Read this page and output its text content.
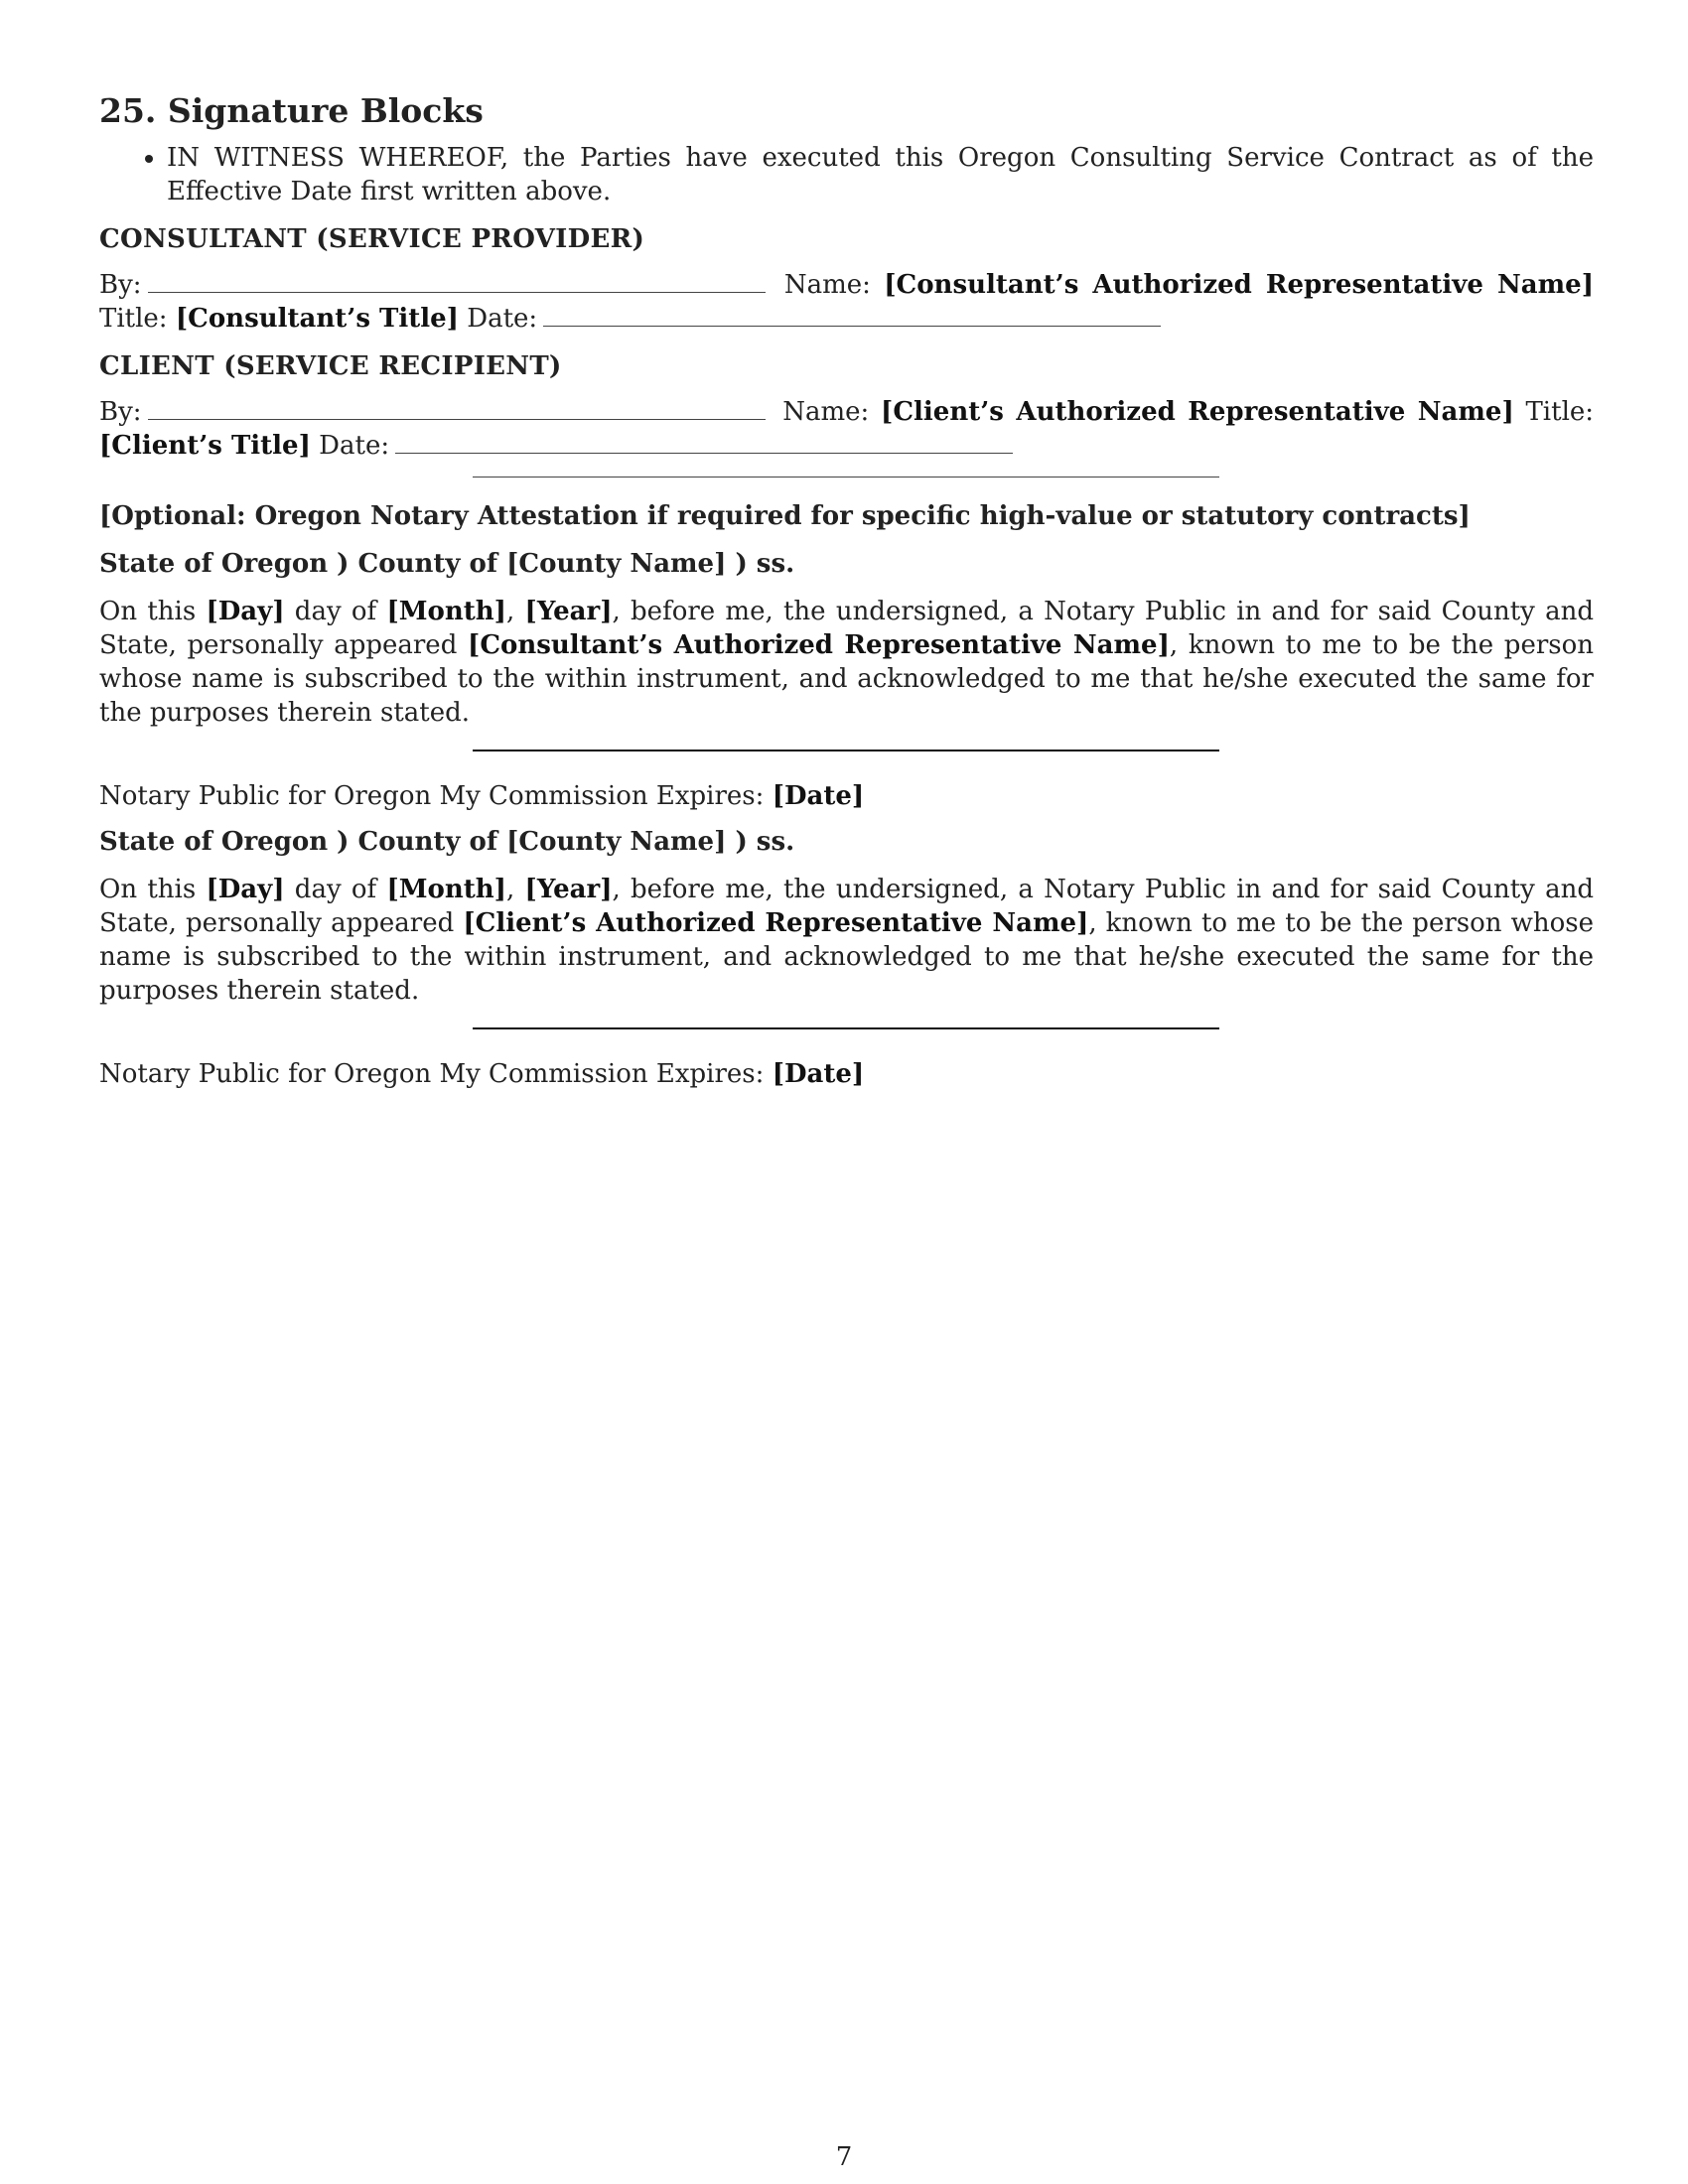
25. Signature Blocks
• IN WITNESS WHEREOF, the Parties have executed this Oregon Consulting Service Contract as of the Effective Date first written above.
CONSULTANT (SERVICE PROVIDER)
By:	Name: [Consultant’s Authorized Representative Name] Title: [Consultant’s Title] Date:
CLIENT (SERVICE RECIPIENT)
By:	Name: [Client’s Authorized Representative Name] Title: [Client’s Title] Date:
[Optional: Oregon Notary Attestation if required for specific high-value or statutory contracts]
State of Oregon ) County of [County Name] ) ss.
On this [Day] day of [Month], [Year], before me, the undersigned, a Notary Public in and for said County and State, personally appeared [Consultant’s Authorized Representative Name], known to me to be the person whose name is subscribed to the within instrument, and acknowledged to me that he/she executed the same for the purposes therein stated.
Notary Public for Oregon My Commission Expires: [Date]
State of Oregon ) County of [County Name] ) ss.
On this [Day] day of [Month], [Year], before me, the undersigned, a Notary Public in and for said County and State, personally appeared [Client’s Authorized Representative Name], known to me to be the person whose name is subscribed to the within instrument, and acknowledged to me that he/she executed the same for the purposes therein stated.
Notary Public for Oregon My Commission Expires: [Date]
7
